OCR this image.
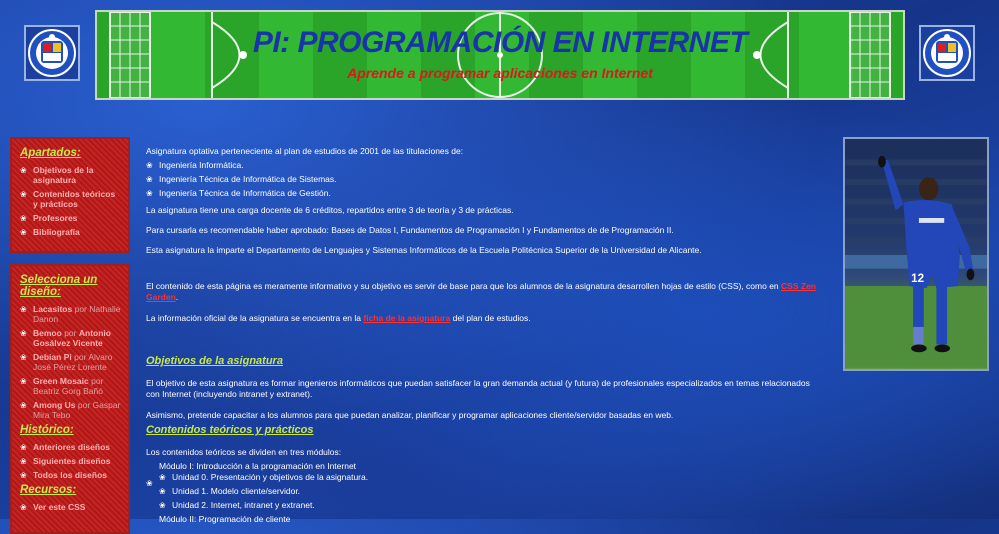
PI: PROGRAMACIÓN EN INTERNET
Aprende a programar aplicaciones en Internet
Apartados:
❀ Objetivos de la asignatura
❀ Contenidos teóricos y prácticos
❀ Profesores
❀ Bibliografía
Selecciona un diseño:
❀ Lacasitos por Nathalie Danon
❀ Bemoo por Antonio Gosálvez Vicente
❀ Debian Pi por Alvaro José Pérez Lorente
❀ Green Mosaic por Beatriz Gorg Bañó
❀ Among Us por Gaspar Mira Tebo
Histórico:
❀ Anteriores diseños
❀ Siguientes diseños
❀ Todos los diseños
Recursos:
❀ Ver este CSS

Asignatura optativa perteneciente al plan de estudios de 2001 de las titulaciones de:

❀ Ingeniería Informática.
❀ Ingeniería Técnica de Informática de Sistemas.
❀ Ingeniería Técnica de Informática de Gestión.

La asignatura tiene una carga docente de 6 créditos, repartidos entre 3 de teoría y 3 de prácticas.

Para cursarla es recomendable haber aprobado: Bases de Datos I, Fundamentos de Programación I y Fundamentos de de Programación II.

Esta asignatura la imparte el Departamento de Lenguajes y Sistemas Informáticos de la Escuela Politécnica Superior de la Universidad de Alicante.

El contenido de esta página es meramente informativo y su objetivo es servir de base para que los alumnos de la asignatura desarrollen hojas de estilo (CSS), como en CSS Zen Garden.

La información oficial de la asignatura se encuentra en la ficha de la asignatura del plan de estudios.

Objetivos de la asignatura

El objetivo de esta asignatura es formar ingenieros informáticos que puedan satisfacer la gran demanda actual (y futura) de profesionales especializados en temas relacionados con Internet (incluyendo intranet y extranet).

Asimismo, pretende capacitar a los alumnos para que puedan analizar, planificar y programar aplicaciones cliente/servidor basadas en web.

Contenidos teóricos y prácticos

Los contenidos teóricos se dividen en tres módulos:

❀

Módulo I: Introducción a la programación en Internet

❀ Unidad 0. Presentación y objetivos de la asignatura.
❀ Unidad 1. Modelo cliente/servidor.
❀ Unidad 2. Internet, intranet y extranet.

Módulo II: Programación de cliente

12
